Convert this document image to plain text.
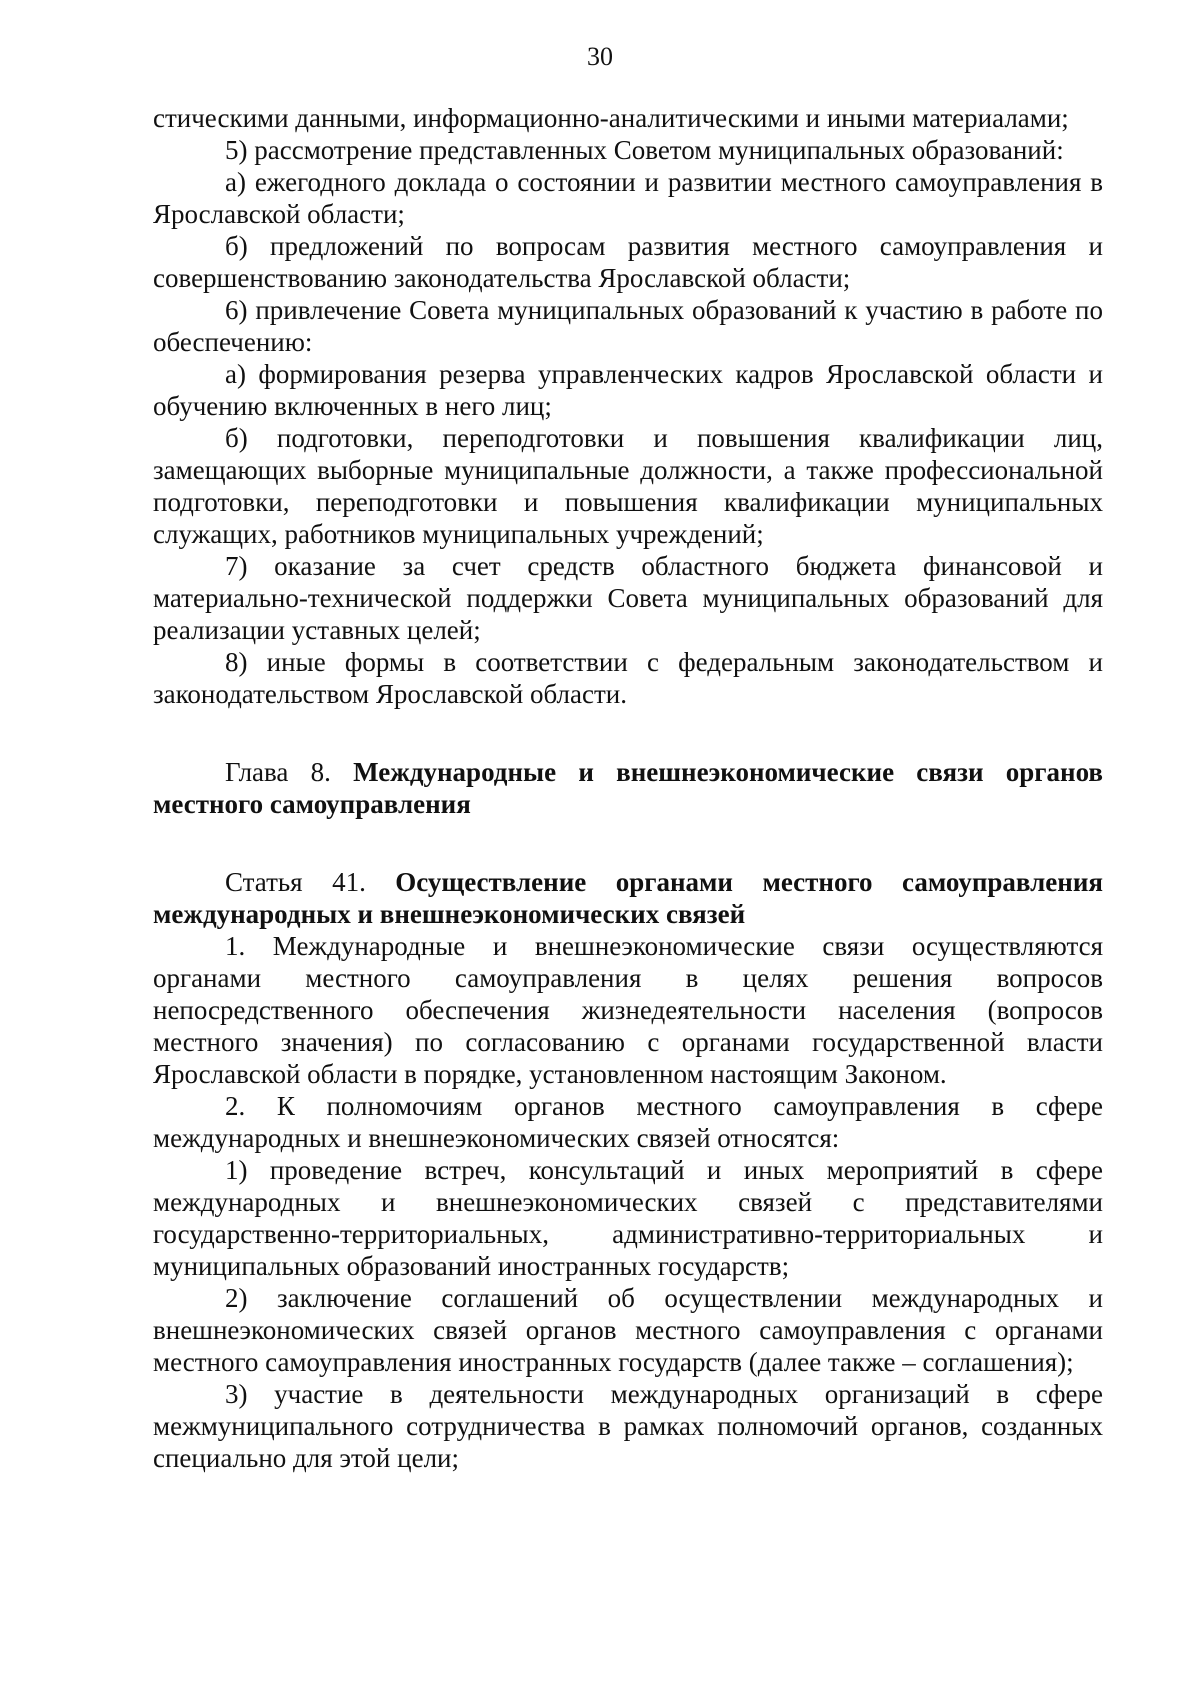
30

стическими данными, информационно-аналитическими и иными материалами;

5) рассмотрение представленных Советом муниципальных образований:

а) ежегодного доклада о состоянии и развитии местного самоуправления в Ярославской области;

б) предложений по вопросам развития местного самоуправления и совершенствованию законодательства Ярославской области;

6) привлечение Совета муниципальных образований к участию в работе по обеспечению:

а) формирования резерва управленческих кадров Ярославской области и обучению включенных в него лиц;

б) подготовки, переподготовки и повышения квалификации лиц, замещающих выборные муниципальные должности, а также профессиональной подготовки, переподготовки и повышения квалификации муниципальных служащих, работников муниципальных учреждений;

7) оказание за счет средств областного бюджета финансовой и материально-технической поддержки Совета муниципальных образований для реализации уставных целей;

8) иные формы в соответствии с федеральным законодательством и законодательством Ярославской области.

Глава 8. Международные и внешнеэкономические связи органов местного самоуправления

Статья 41. Осуществление органами местного самоуправления международных и внешнеэкономических связей

1. Международные и внешнеэкономические связи осуществляются органами местного самоуправления в целях решения вопросов непосредственного обеспечения жизнедеятельности населения (вопросов местного значения) по согласованию с органами государственной власти Ярославской области в порядке, установленном настоящим Законом.

2. К полномочиям органов местного самоуправления в сфере международных и внешнеэкономических связей относятся:

1) проведение встреч, консультаций и иных мероприятий в сфере международных и внешнеэкономических связей с представителями государственно-территориальных, административно-территориальных и муниципальных образований иностранных государств;

2) заключение соглашений об осуществлении международных и внешнеэкономических связей органов местного самоуправления с органами местного самоуправления иностранных государств (далее также – соглашения);

3) участие в деятельности международных организаций в сфере межмуниципального сотрудничества в рамках полномочий органов, созданных специально для этой цели;
